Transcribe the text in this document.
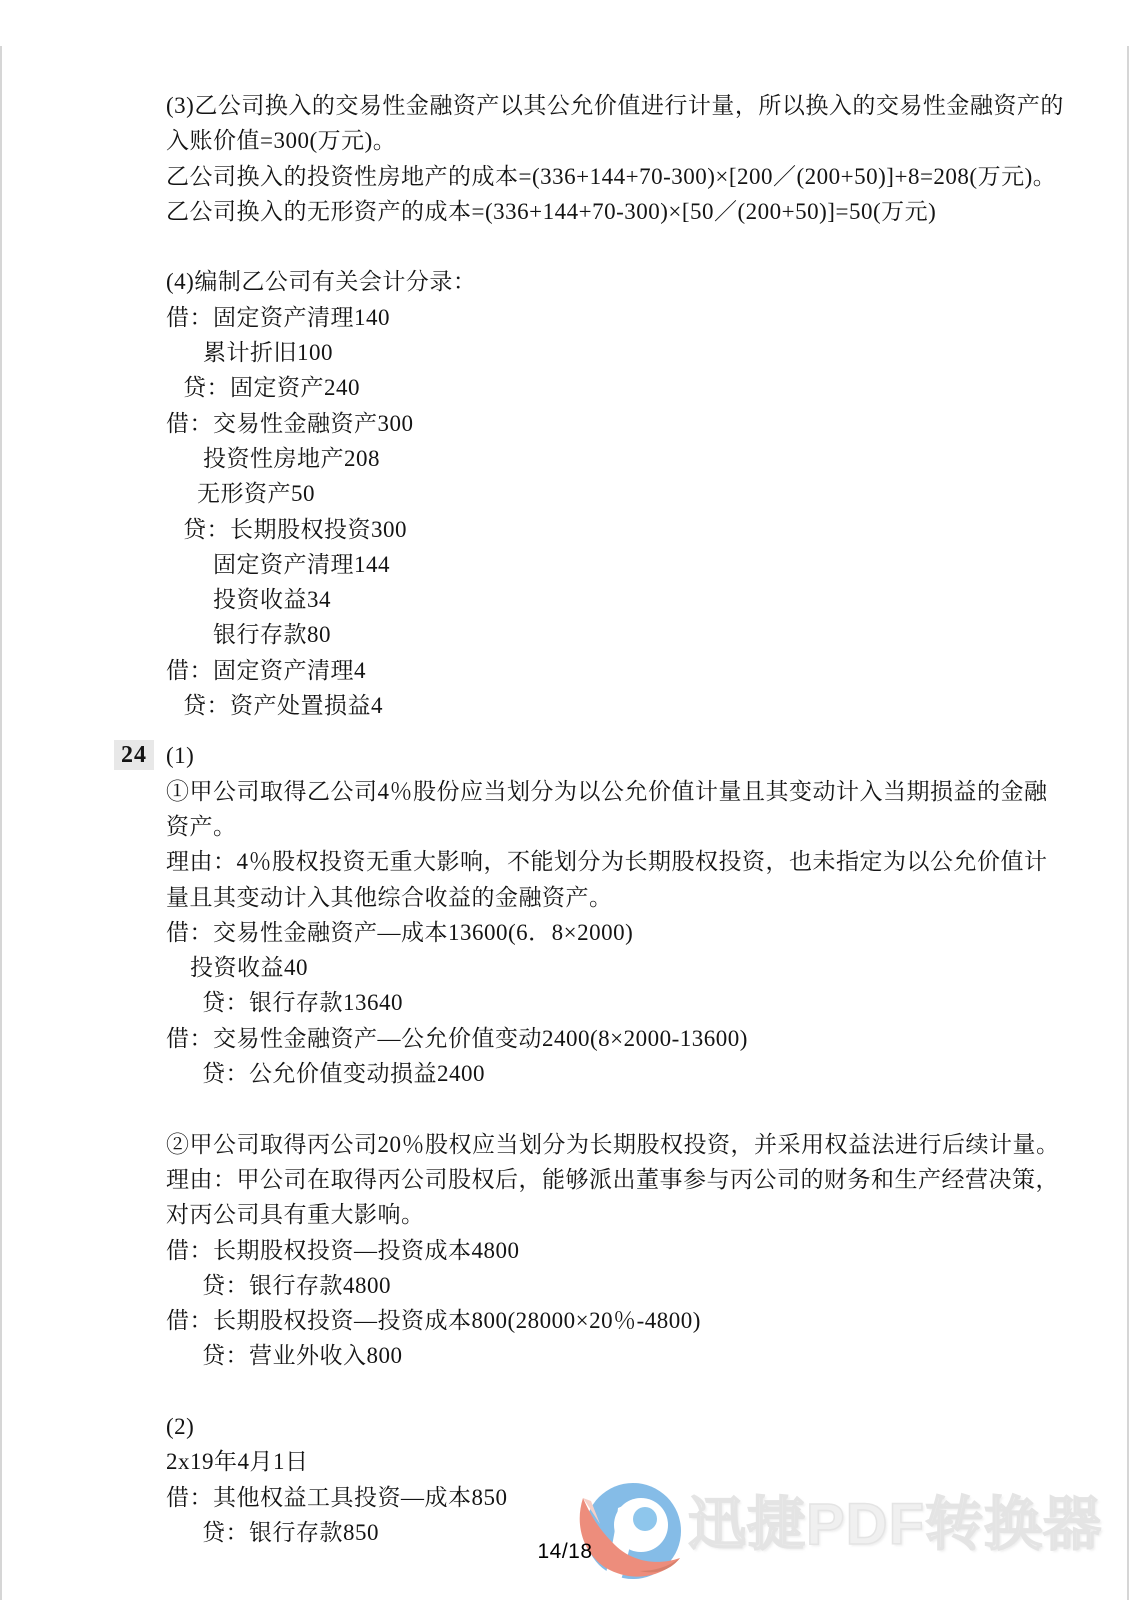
迅捷PDF转换器
24
(3)乙公司换入的交易性金融资产以其公允价值进行计量，所以换入的交易性金融资产的
入账价值=300(万元)。
乙公司换入的投资性房地产的成本=(336+144+70-300)×[200／(200+50)]+8=208(万元)。
乙公司换入的无形资产的成本=(336+144+70-300)×[50／(200+50)]=50(万元)
(4)编制乙公司有关会计分录：
借：固定资产清理140
累计折旧100
贷：固定资产240
借：交易性金融资产300
投资性房地产208
无形资产50
贷：长期股权投资300
固定资产清理144
投资收益34
银行存款80
借：固定资产清理4
贷：资产处置损益4
(1)
①甲公司取得乙公司4％股份应当划分为以公允价值计量且其变动计入当期损益的金融
资产。
理由：4％股权投资无重大影响，不能划分为长期股权投资，也未指定为以公允价值计
量且其变动计入其他综合收益的金融资产。
借：交易性金融资产—成本13600(6．8×2000)
投资收益40
贷：银行存款13640
借：交易性金融资产—公允价值变动2400(8×2000-13600)
贷：公允价值变动损益2400
②甲公司取得丙公司20％股权应当划分为长期股权投资，并采用权益法进行后续计量。
理由：甲公司在取得丙公司股权后，能够派出董事参与丙公司的财务和生产经营决策，
对丙公司具有重大影响。
借：长期股权投资—投资成本4800
贷：银行存款4800
借：长期股权投资—投资成本800(28000×20％-4800)
贷：营业外收入800
(2)
2x19年4月1日
借：其他权益工具投资—成本850
贷：银行存款850
14/18
